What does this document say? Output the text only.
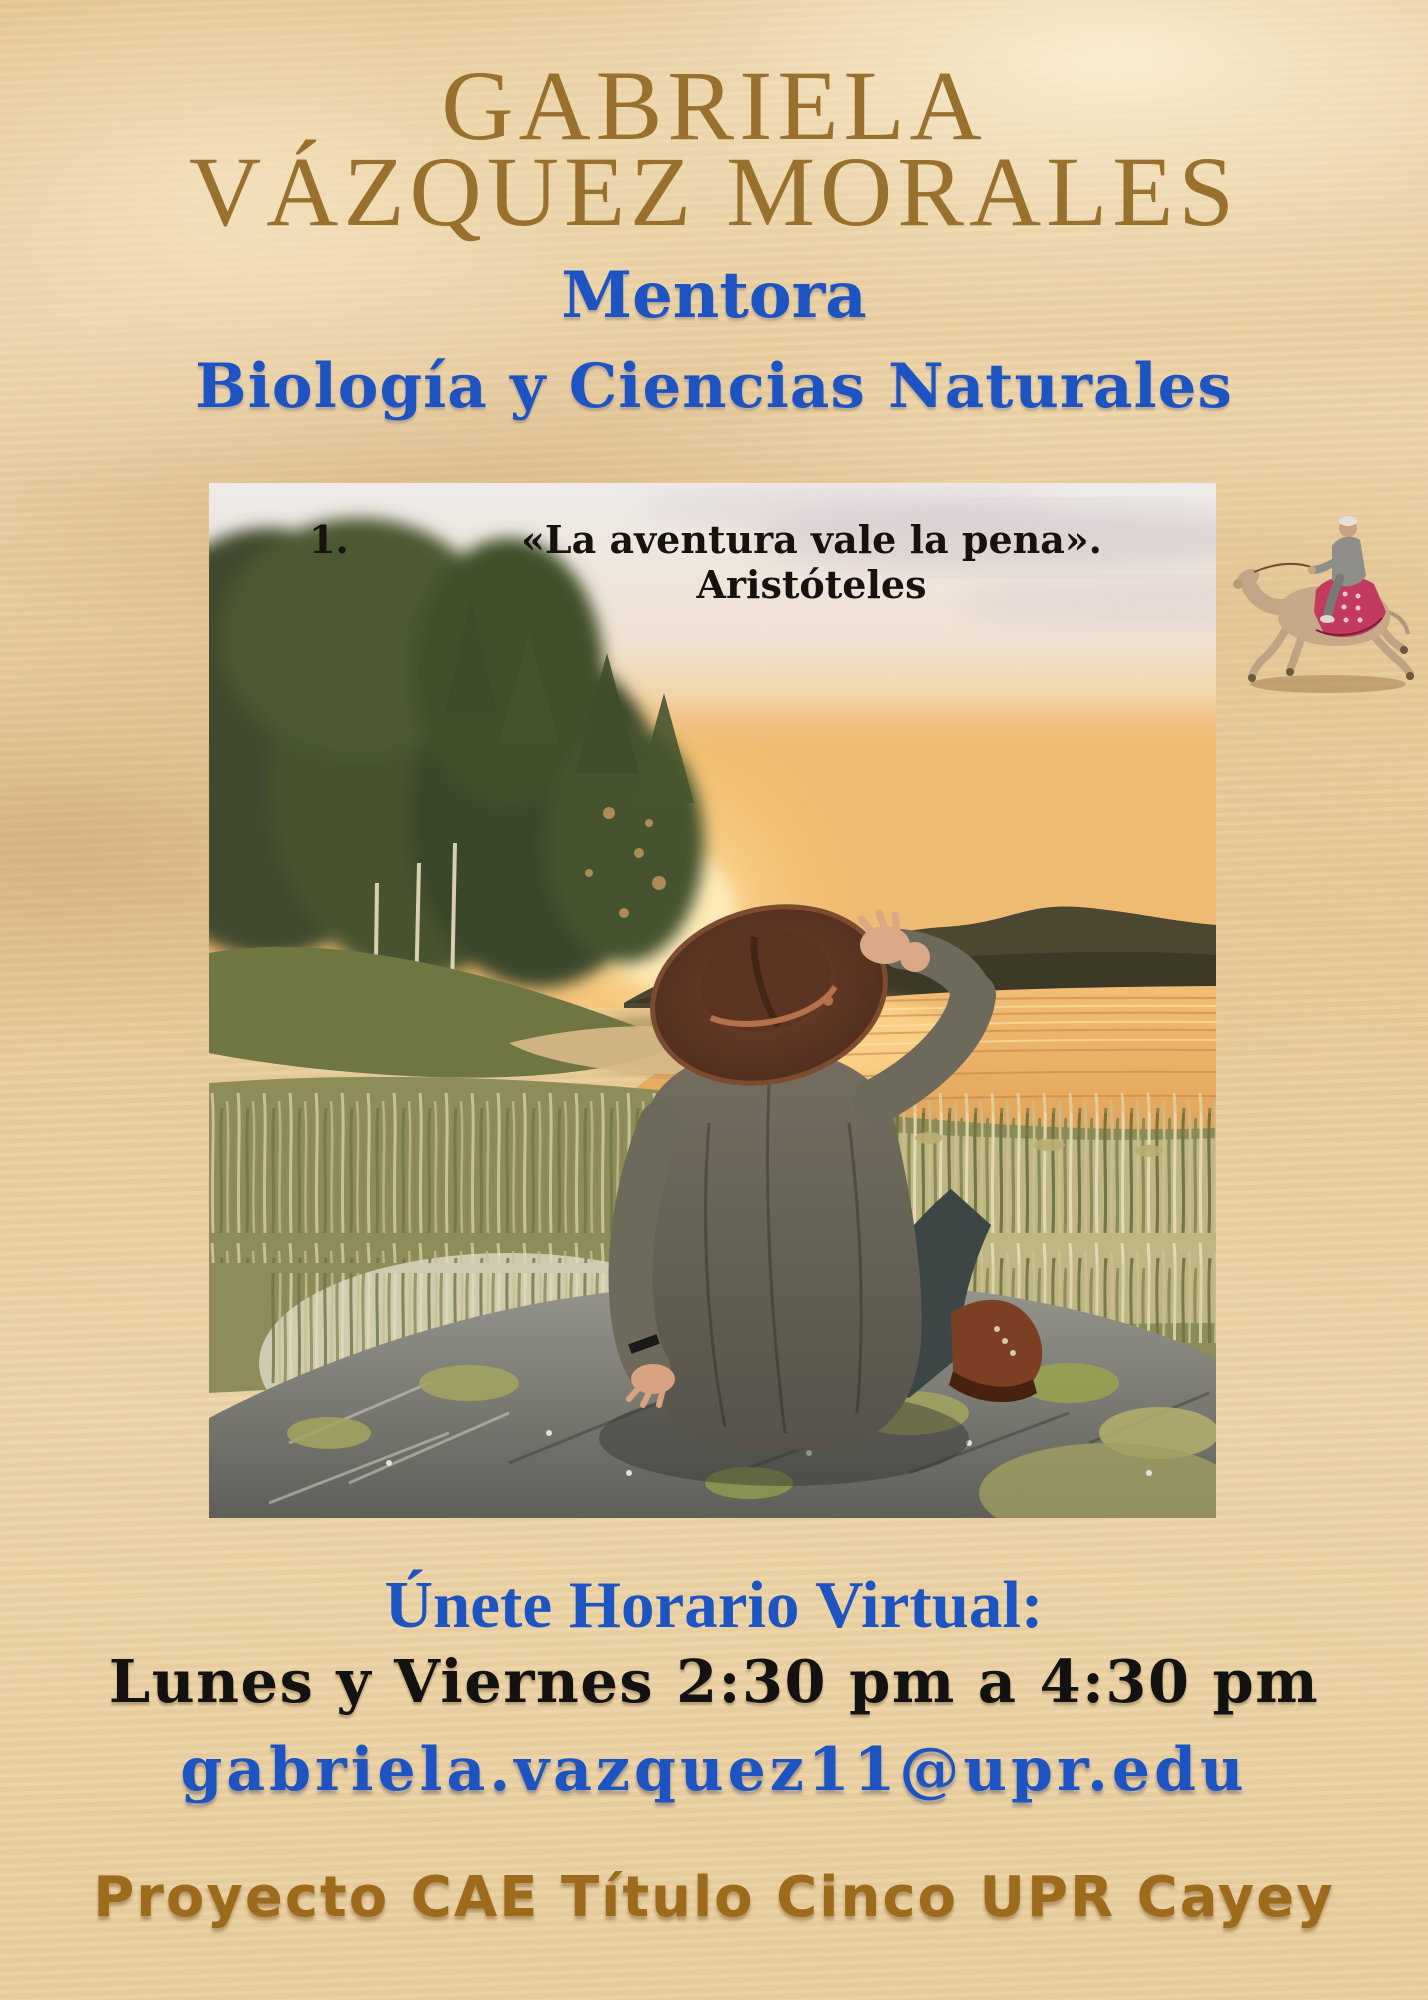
GABRIELA
VÁZQUEZ MORALES
Mentora
Biología y Ciencias Naturales
1.	«La aventura vale la pena». Aristóteles
Únete Horario Virtual:
Lunes y Viernes 2:30 pm a 4:30 pm
gabriela.vazquez11@upr.edu
Proyecto CAE Título Cinco UPR Cayey
